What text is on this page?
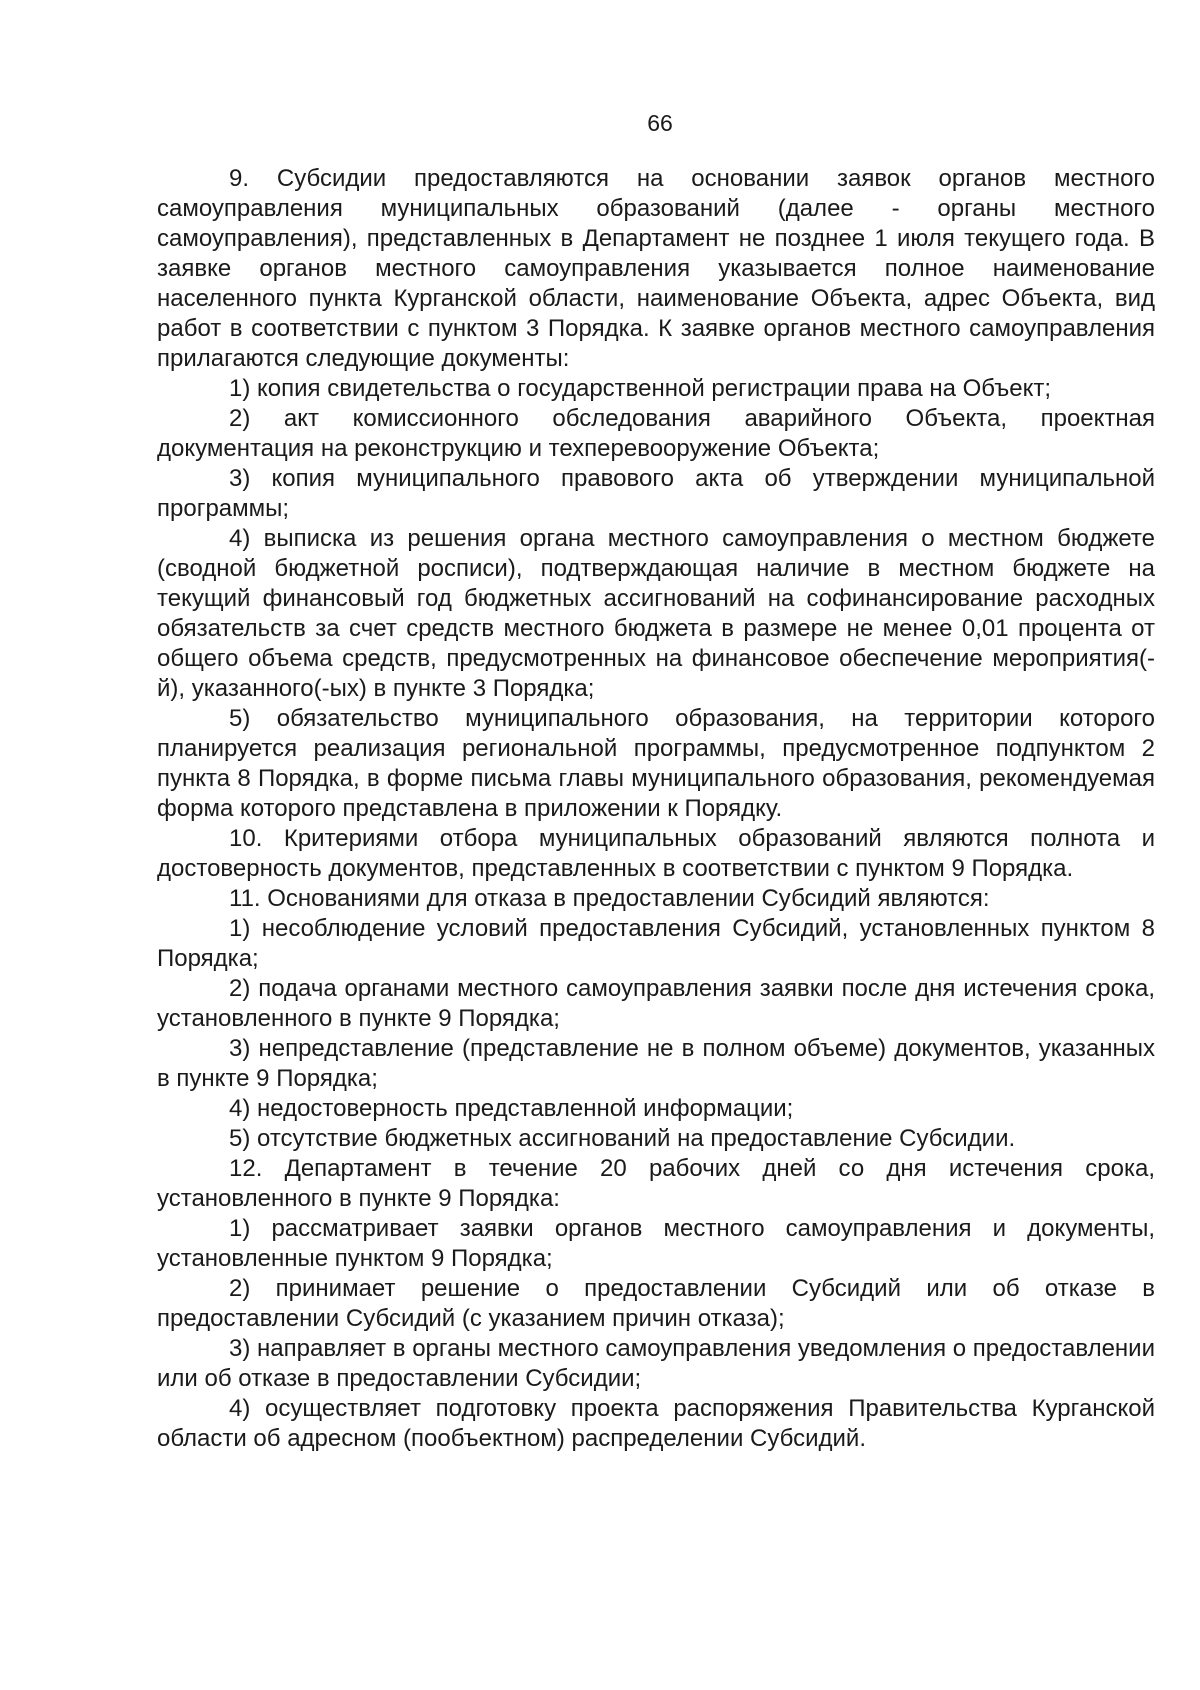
66

9. Субсидии предоставляются на основании заявок органов местного самоуправления муниципальных образований (далее - органы местного самоуправления), представленных в Департамент не позднее 1 июля текущего года. В заявке органов местного самоуправления указывается полное наименование населенного пункта Курганской области, наименование Объекта, адрес Объекта, вид работ в соответствии с пунктом 3 Порядка. К заявке органов местного самоуправления прилагаются следующие документы:

1) копия свидетельства о государственной регистрации права на Объект;

2) акт комиссионного обследования аварийного Объекта, проектная документация на реконструкцию и техперевооружение Объекта;

3) копия муниципального правового акта об утверждении муниципальной программы;

4) выписка из решения органа местного самоуправления о местном бюджете (сводной бюджетной росписи), подтверждающая наличие в местном бюджете на текущий финансовый год бюджетных ассигнований на софинансирование расходных обязательств за счет средств местного бюджета в размере не менее 0,01 процента от общего объема средств, предусмотренных на финансовое обеспечение мероприятия(-й), указанного(-ых) в пункте 3 Порядка;

5) обязательство муниципального образования, на территории которого планируется реализация региональной программы, предусмотренное подпунктом 2 пункта 8 Порядка, в форме письма главы муниципального образования, рекомендуемая форма которого представлена в приложении к Порядку.

10. Критериями отбора муниципальных образований являются полнота и достоверность документов, представленных в соответствии с пунктом 9 Порядка.

11. Основаниями для отказа в предоставлении Субсидий являются:

1) несоблюдение условий предоставления Субсидий, установленных пунктом 8 Порядка;

2) подача органами местного самоуправления заявки после дня истечения срока, установленного в пункте 9 Порядка;

3) непредставление (представление не в полном объеме) документов, указанных в пункте 9 Порядка;

4) недостоверность представленной информации;

5) отсутствие бюджетных ассигнований на предоставление Субсидии.

12. Департамент в течение 20 рабочих дней со дня истечения срока, установленного в пункте 9 Порядка:

1) рассматривает заявки органов местного самоуправления и документы, установленные пунктом 9 Порядка;

2) принимает решение о предоставлении Субсидий или об отказе в предоставлении Субсидий (с указанием причин отказа);

3) направляет в органы местного самоуправления уведомления о предоставлении или об отказе в предоставлении Субсидии;

4) осуществляет подготовку проекта распоряжения Правительства Курганской области об адресном (пообъектном) распределении Субсидий.
